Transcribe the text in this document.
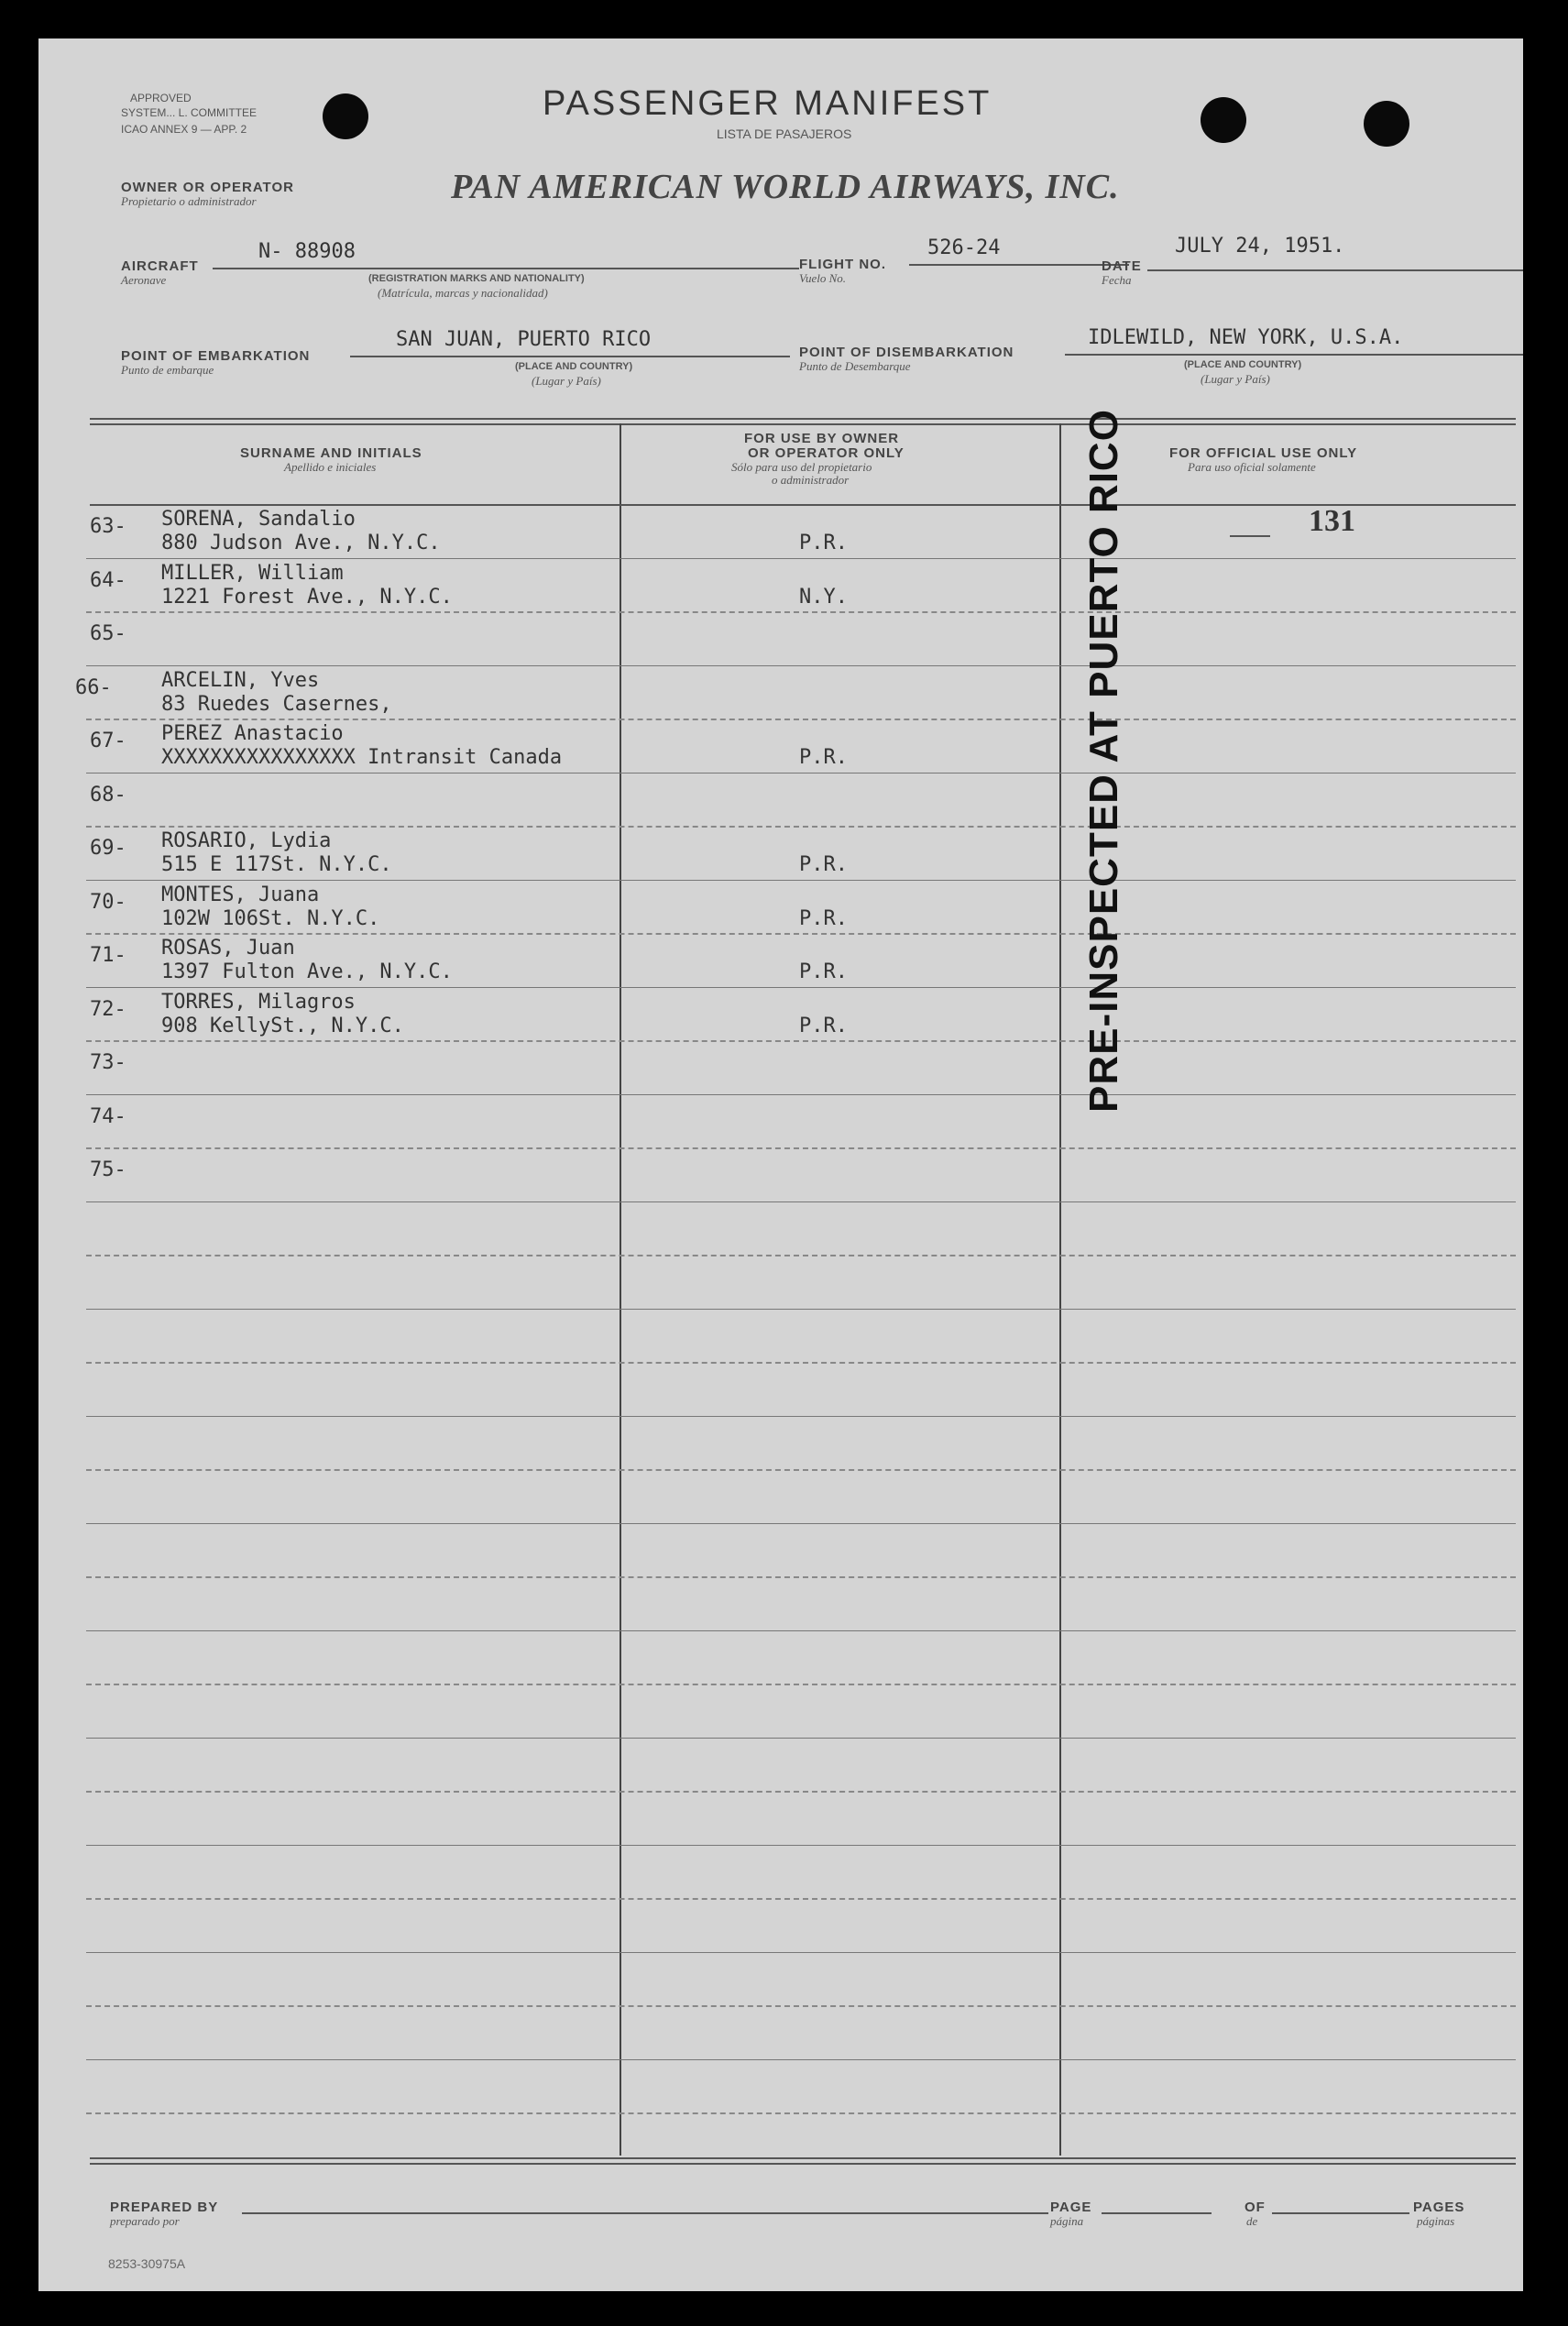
APPROVED
SYSTEM... L. COMMITTEE
ICAO ANNEX 9 — APP. 2
PASSENGER MANIFEST
LISTA DE PASAJEROS
OWNER OR OPERATOR
Propietario o administrador	PAN AMERICAN WORLD AIRWAYS, INC.
AIRCRAFT
Aeronave
N- 88908
(REGISTRATION MARKS AND NATIONALITY)
(Matrícula, marcas y nacionalidad)
FLIGHT NO.
Vuelo No.
526-24
DATE
Fecha
JULY 24, 1951.
POINT OF EMBARKATION
Punto de embarque
SAN JUAN, PUERTO RICO
(PLACE AND COUNTRY)
(Lugar y País)
POINT OF DISEMBARKATION
Punto de Desembarque
IDLEWILD, NEW YORK, U.S.A.
(PLACE AND COUNTRY)
(Lugar y País)
SURNAME AND INITIALS
Apellido e iniciales
FOR USE BY OWNER
OR OPERATOR ONLY
Sólo para uso del propietario
o administrador
FOR OFFICIAL USE ONLY
Para uso oficial solamente
63- SORENA, Sandalio
880 Judson Ave., N.Y.C.	P.R.
64- MILLER, William
1221 Forest Ave., N.Y.C.	N.Y.
65-
66- ARCELIN, Yves
83 Ruedes Casernes,
67- PEREZ Anastacio
XXXXXXXXXXXXXXXX Intransit Canada	P.R.
68-
69- ROSARIO, Lydia
515 E 117St. N.Y.C.	P.R.
70- MONTES, Juana
102W 106St. N.Y.C.	P.R.
71- ROSAS, Juan
1397 Fulton Ave., N.Y.C.	P.R.
72- TORRES, Milagros
908 KellySt., N.Y.C.	P.R.
73-
74-
75-
131
PRE-INSPECTED AT PUERTO RICO
PREPARED BY
preparado por
PAGE
página
OF
de
PAGES
páginas
8253-30975A
